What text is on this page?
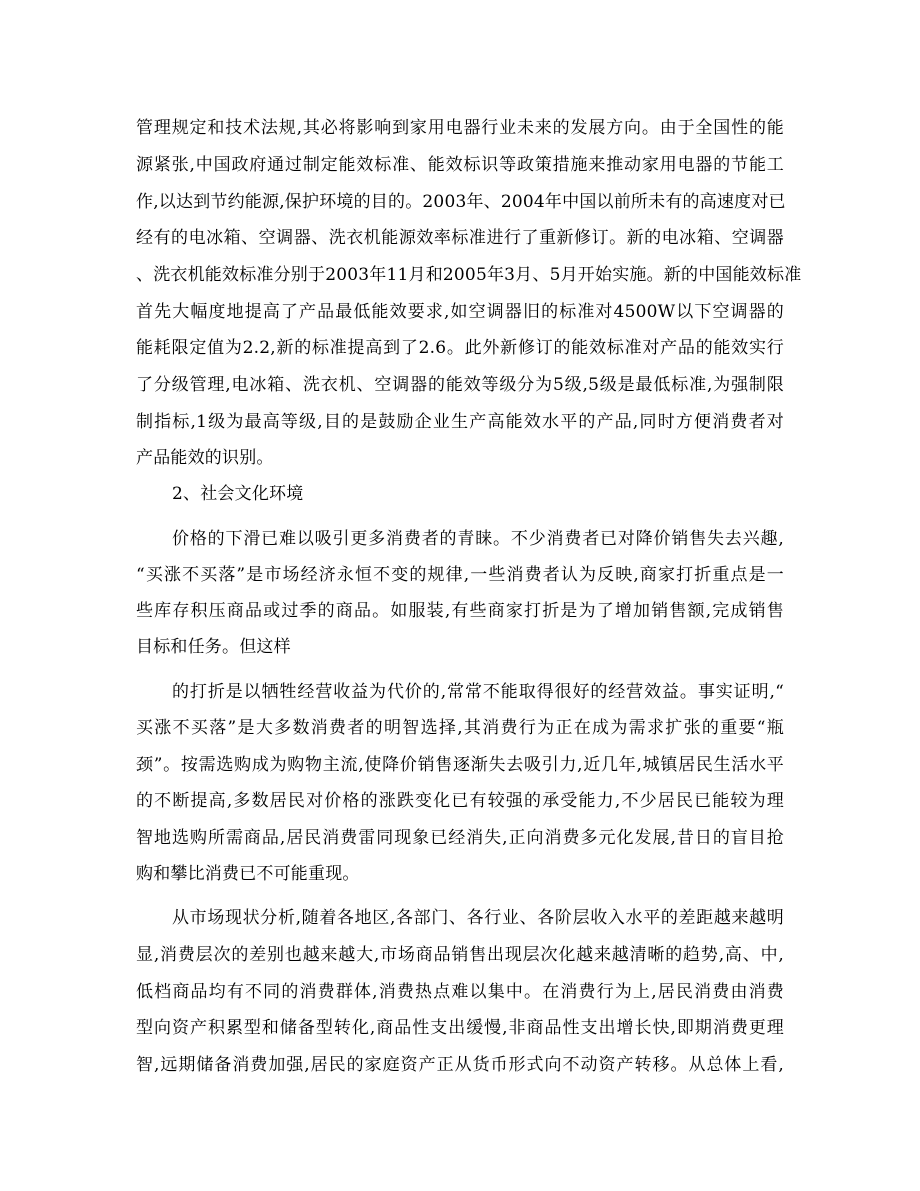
管理规定和技术法规,其必将影响到家用电器行业未来的发展方向。由于全国性的能
源紧张,中国政府通过制定能效标准、能效标识等政策措施来推动家用电器的节能工
作,以达到节约能源,保护环境的目的。2003年、2004年中国以前所未有的高速度对已
经有的电冰箱、空调器、洗衣机能源效率标准进行了重新修订。新的电冰箱、空调器
、洗衣机能效标准分别于2003年11月和2005年3月、5月开始实施。新的中国能效标准
首先大幅度地提高了产品最低能效要求,如空调器旧的标准对4500W以下空调器的
能耗限定值为2.2,新的标准提高到了2.6。此外新修订的能效标准对产品的能效实行
了分级管理,电冰箱、洗衣机、空调器的能效等级分为5级,5级是最低标准,为强制限
制指标,1级为最高等级,目的是鼓励企业生产高能效水平的产品,同时方便消费者对
产品能效的识别。
2、社会文化环境
价格的下滑已难以吸引更多消费者的青睐。不少消费者已对降价销售失去兴趣,
“买涨不买落”是市场经济永恒不变的规律,一些消费者认为反映,商家打折重点是一
些库存积压商品或过季的商品。如服装,有些商家打折是为了增加销售额,完成销售
目标和任务。但这样
的打折是以牺牲经营收益为代价的,常常不能取得很好的经营效益。事实证明,“
买涨不买落”是大多数消费者的明智选择,其消费行为正在成为需求扩张的重要“瓶
颈”。按需选购成为购物主流,使降价销售逐渐失去吸引力,近几年,城镇居民生活水平
的不断提高,多数居民对价格的涨跌变化已有较强的承受能力,不少居民已能较为理
智地选购所需商品,居民消费雷同现象已经消失,正向消费多元化发展,昔日的盲目抢
购和攀比消费已不可能重现。
从市场现状分析,随着各地区,各部门、各行业、各阶层收入水平的差距越来越明
显,消费层次的差别也越来越大,市场商品销售出现层次化越来越清晰的趋势,高、中,
低档商品均有不同的消费群体,消费热点难以集中。在消费行为上,居民消费由消费
型向资产积累型和储备型转化,商品性支出缓慢,非商品性支出增长快,即期消费更理
智,远期储备消费加强,居民的家庭资产正从货币形式向不动资产转移。从总体上看,
